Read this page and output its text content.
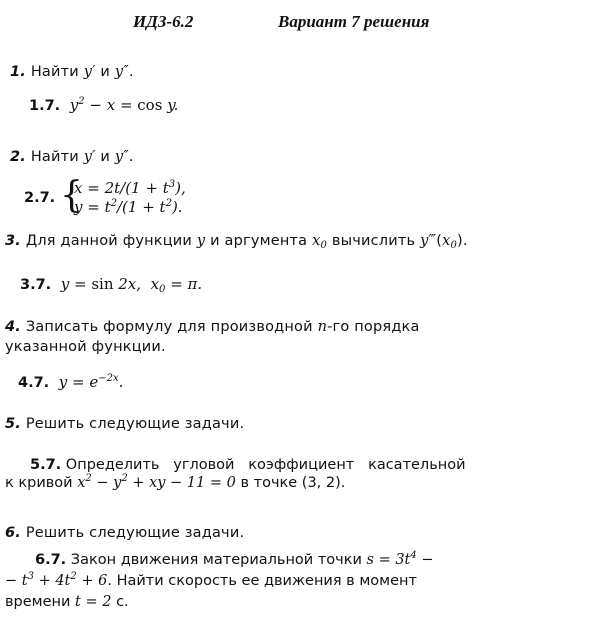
ИДЗ-6.2	Вариант 7 решения
1. Найти y′ и y″.
1.7.  $y^2 - x = \cos y$.
2. Найти y′ и y″.
2.7. {
$x = 2t/(1 + t^3)$,
$y = t^2/(1 + t^2)$.
3. Для данной функции y и аргумента $x_0$ вычислить $y‴(x_0)$.
3.7.  y = sin 2x,  $x_0 = \pi$.
4. Записать формулу для производной n-го порядка
указанной функции.
4.7.  $y = e^{-2x}$.
5. Решить следующие задачи.
5.7. Определить   угловой   коэффициент   касательной
к кривой $x^2 - y^2$ + xy − 11 = 0 в точке (3, 2).
6. Решить следующие задачи.
6.7. Закон движения материальной точки $s = 3t^4$ −
− $t^3 + 4t^2 + 6$. Найти скорость ее движения в момент
времени t = 2 с.
